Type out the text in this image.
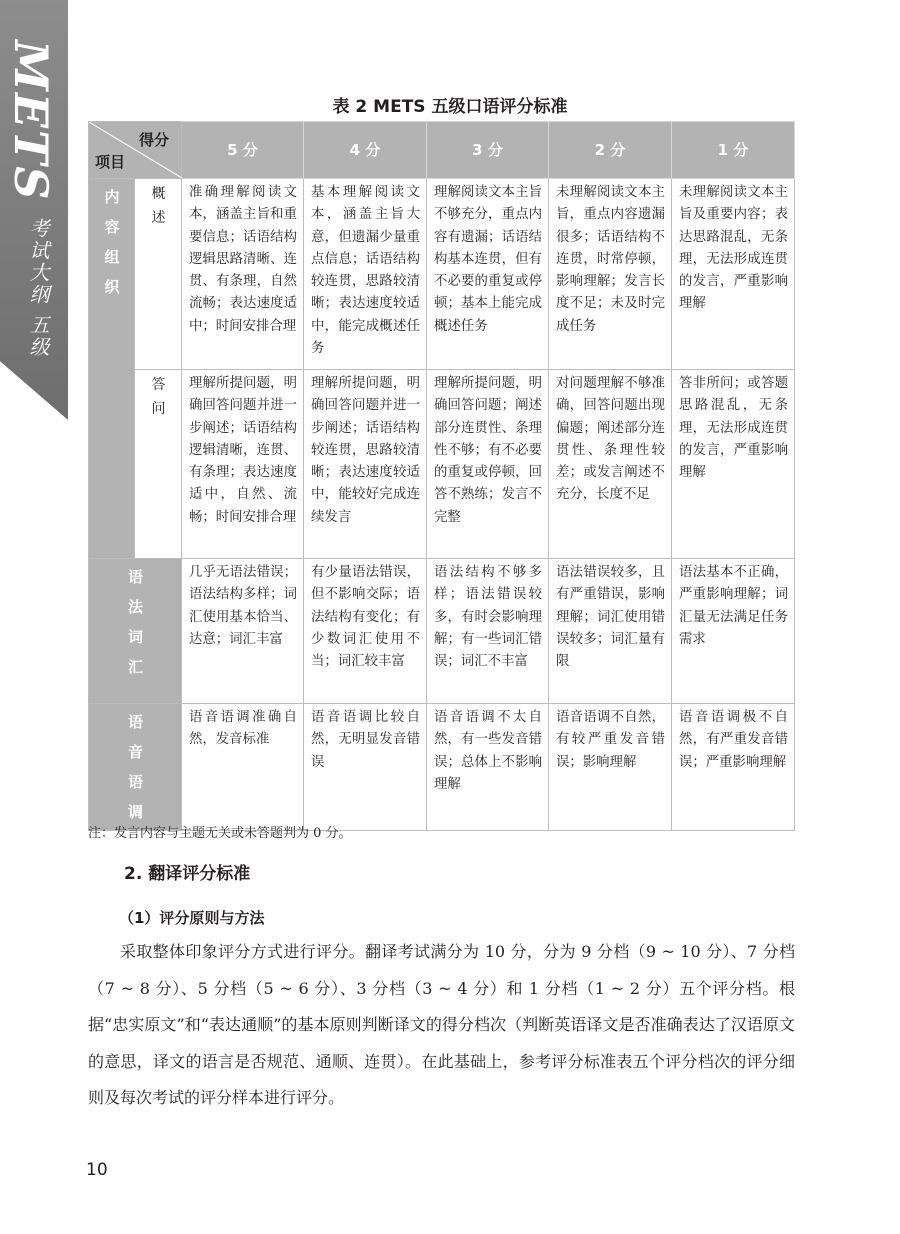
METS
考试大纲 五级
表 2 METS 五级口语评分标准
得分
项目		5 分	4 分	3 分	2 分	1 分
内容组织	概述	准确理解阅读文本，涵盖主旨和重要信息；话语结构逻辑思路清晰、连贯、有条理，自然流畅；表达速度适中；时间安排合理	基本理解阅读文本，涵盖主旨大意，但遗漏少量重点信息；话语结构较连贯，思路较清晰；表达速度较适中，能完成概述任务	理解阅读文本主旨不够充分，重点内容有遗漏；话语结构基本连贯，但有不必要的重复或停顿；基本上能完成概述任务	未理解阅读文本主旨，重点内容遗漏很多；话语结构不连贯，时常停顿，影响理解；发言长度不足；未及时完成任务	未理解阅读文本主旨及重要内容；表达思路混乱，无条理，无法形成连贯的发言，严重影响理解
	答问	理解所提问题，明确回答问题并进一步阐述；话语结构逻辑清晰，连贯、有条理；表达速度适中，自然、流畅；时间安排合理	理解所提问题，明确回答问题并进一步阐述；话语结构较连贯，思路较清晰；表达速度较适中，能较好完成连续发言	理解所提问题，明确回答问题；阐述部分连贯性、条理性不够；有不必要的重复或停顿，回答不熟练；发言不完整	对问题理解不够准确，回答问题出现偏题；阐述部分连贯性、条理性较差；或发言阐述不充分，长度不足	答非所问；或答题思路混乱，无条理，无法形成连贯的发言，严重影响理解
语法词汇		几乎无语法错误；语法结构多样；词汇使用基本恰当、达意；词汇丰富	有少量语法错误，但不影响交际；语法结构有变化；有少数词汇使用不当；词汇较丰富	语法结构不够多样；语法错误较多，有时会影响理解；有一些词汇错误；词汇不丰富	语法错误较多，且有严重错误，影响理解；词汇使用错误较多；词汇量有限	语法基本不正确，严重影响理解；词汇量无法满足任务需求
语音语调		语音语调准确自然，发音标准	语音语调比较自然，无明显发音错误	语音语调不太自然，有一些发音错误；总体上不影响理解	语音语调不自然，有较严重发音错误；影响理解	语音语调极不自然，有严重发音错误；严重影响理解
注：发言内容与主题无关或未答题判为 0 分。
2. 翻译评分标准
（1）评分原则与方法

采取整体印象评分方式进行评分。翻译考试满分为 10 分，分为 9 分档（9 ~ 10 分）、7 分档（7 ~ 8 分）、5 分档（5 ~ 6 分）、3 分档（3 ~ 4 分）和 1 分档（1 ~ 2 分）五个评分档。根据“忠实原文”和“表达通顺”的基本原则判断译文的得分档次（判断英语译文是否准确表达了汉语原文的意思，译文的语言是否规范、通顺、连贯）。在此基础上，参考评分标准表五个评分档次的评分细则及每次考试的评分样本进行评分。

10
